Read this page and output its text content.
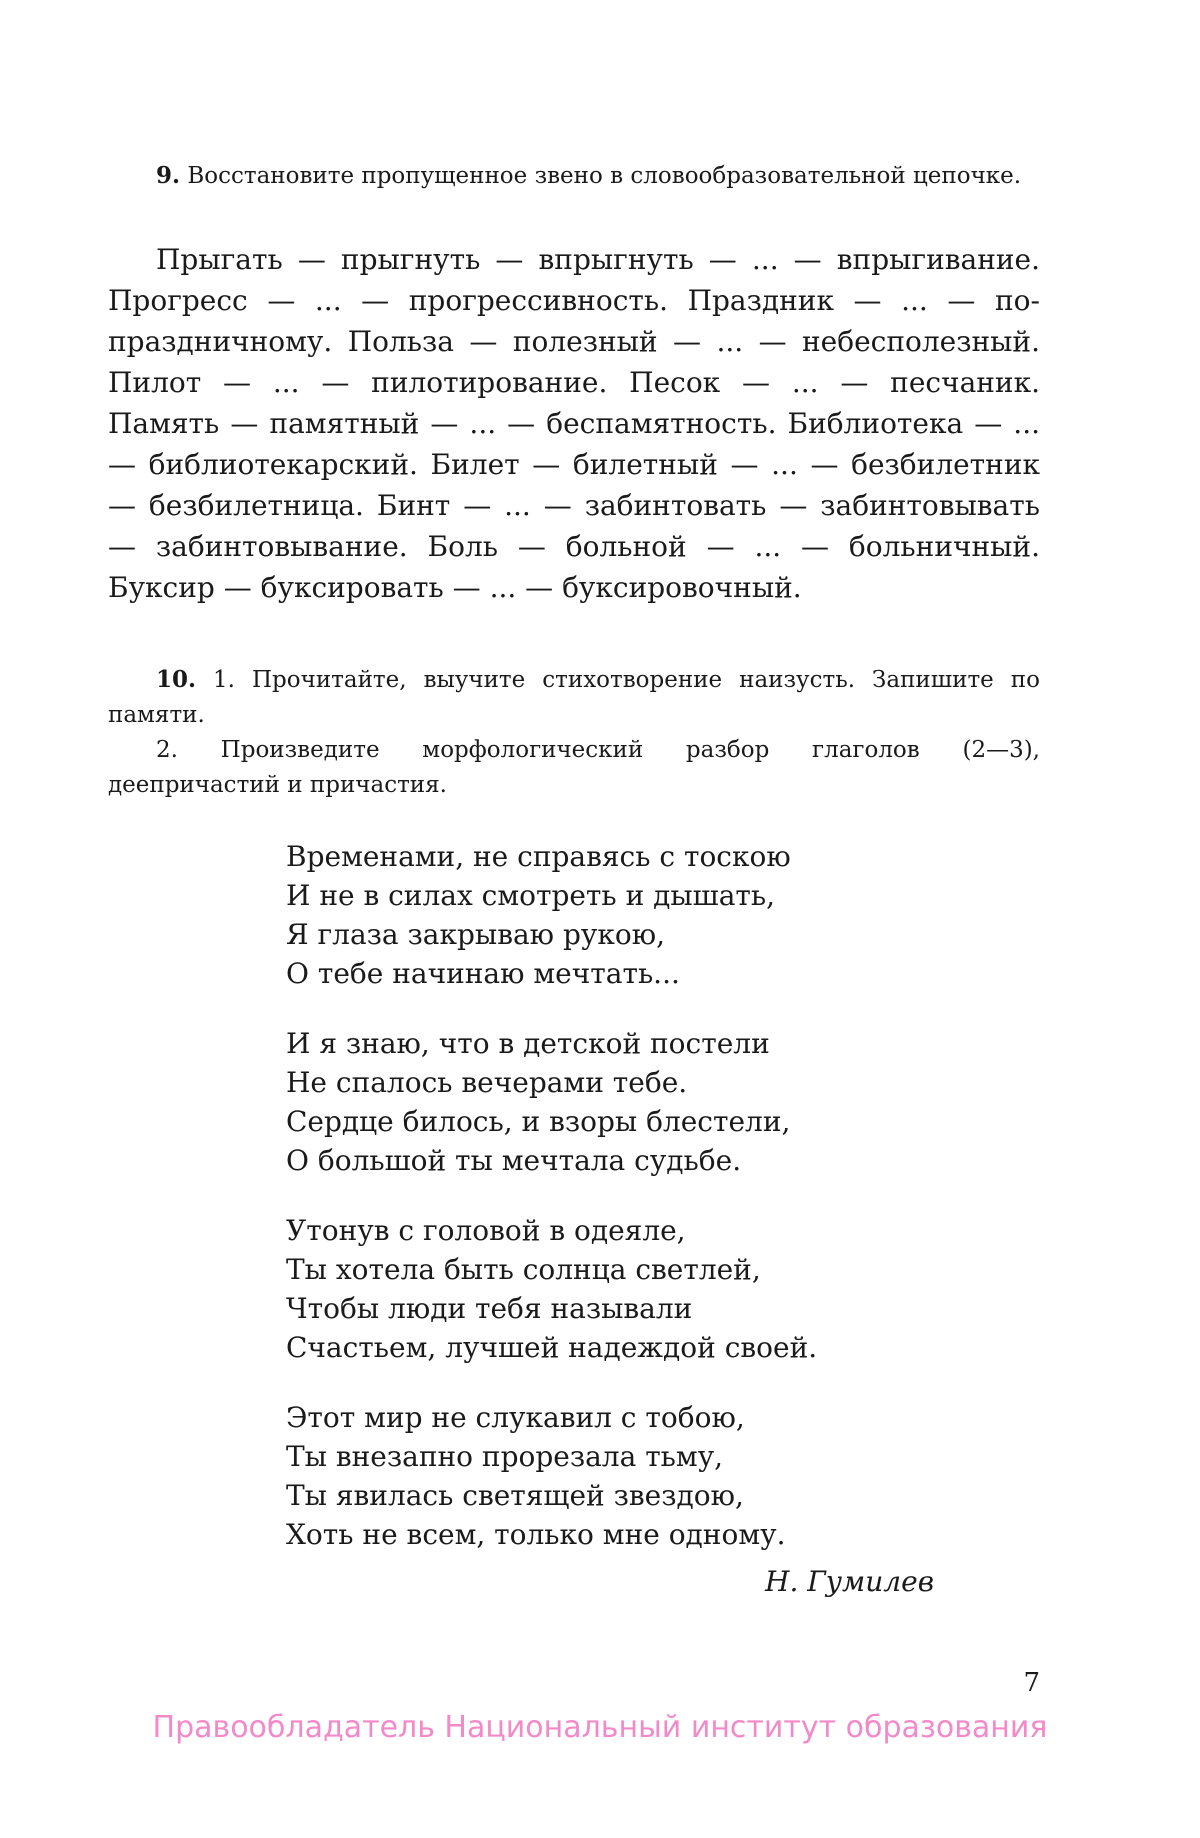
9. Восстановите пропущенное звено в словообразовательной цепочке.

Прыгать — прыгнуть — впрыгнуть — ... — впрыгивание. Прогресс — ... — прогрессивность. Праздник — ... — по-праздничному. Польза — полезный — ... — небесполезный. Пилот — ... — пилотирование. Песок — ... — песчаник. Память — памятный — ... — беспамятность. Библиотека — ... — библиотекарский. Билет — билетный — ... — безбилетник — безбилетница. Бинт — ... — забинтовать — забинтовывать — забинтовывание. Боль — больной — ... — больничный. Буксир — буксировать — ... — буксировочный.

10. 1. Прочитайте, выучите стихотворение наизусть. Запишите по памяти.

2. Произведите морфологический разбор глаголов (2—3), деепричастий и причастия.

Временами, не справясь с тоскою
И не в силах смотреть и дышать,
Я глаза закрываю рукою,
О тебе начинаю мечтать...

И я знаю, что в детской постели
Не спалось вечерами тебе.
Сердце билось, и взоры блестели,
О большой ты мечтала судьбе.

Утонув с головой в одеяле,
Ты хотела быть солнца светлей,
Чтобы люди тебя называли
Счастьем, лучшей надеждой своей.

Этот мир не слукавил с тобою,
Ты внезапно прорезала тьму,
Ты явилась светящей звездою,
Хоть не всем, только мне одному.

Н. Гумилев
7
Правообладатель Национальный институт образования
